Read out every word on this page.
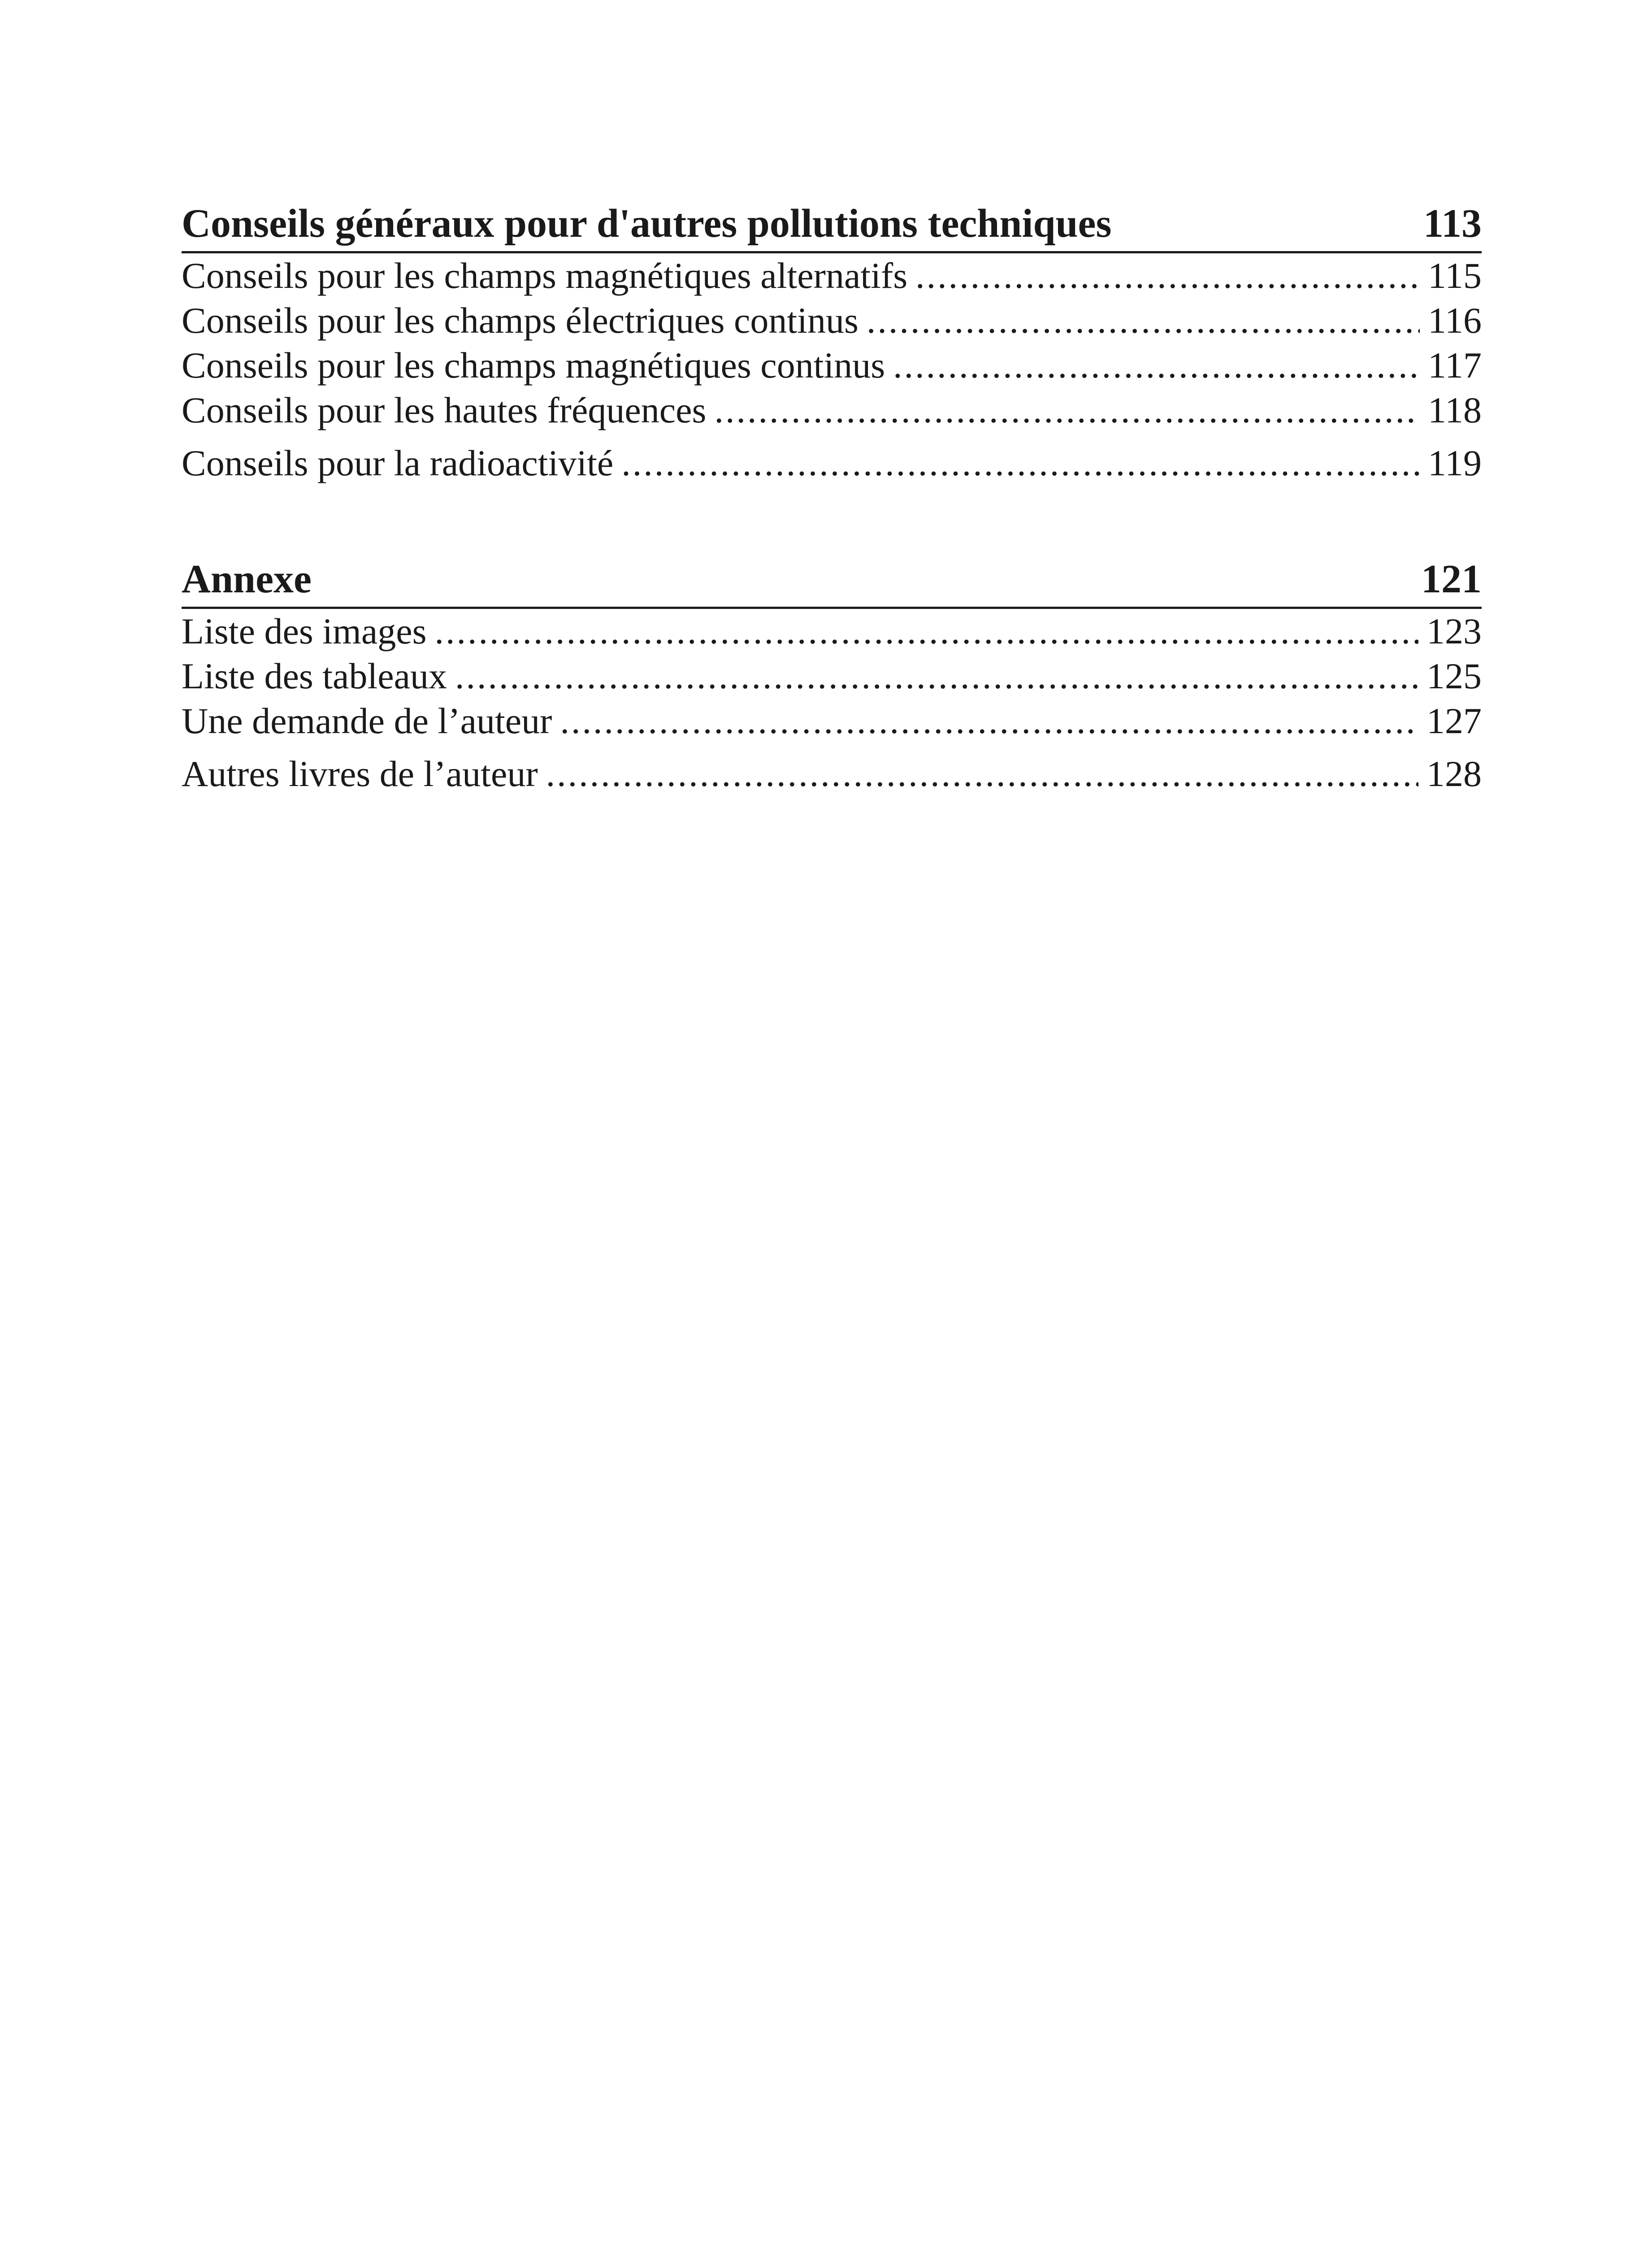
Conseils généraux pour d'autres pollutions techniques	113
Conseils pour les champs magnétiques alternatifs .....	115
Conseils pour les champs électriques continus .....	116
Conseils pour les champs magnétiques continus .....	117
Conseils pour les hautes fréquences .....	118
Conseils pour la radioactivité .....	119
Annexe	121
Liste des images .....	123
Liste des tableaux .....	125
Une demande de l’auteur .....	127
Autres livres de l’auteur .....	128
